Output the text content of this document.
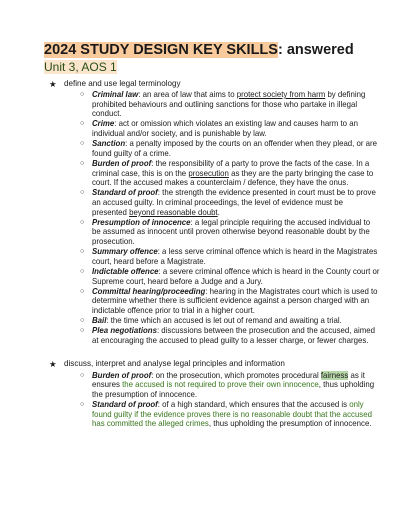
2024 STUDY DESIGN KEY SKILLS: answered
Unit 3, AOS 1
★ define and use legal terminology
○ Criminal law: an area of law that aims to protect society from harm by defining prohibited behaviours and outlining sanctions for those who partake in illegal conduct.
○ Crime: act or omission which violates an existing law and causes harm to an individual and/or society, and is punishable by law.
○ Sanction: a penalty imposed by the courts on an offender when they plead, or are found guilty of a crime.
○ Burden of proof: the responsibility of a party to prove the facts of the case. In a criminal case, this is on the prosecution as they are the party bringing the case to court. If the accused makes a counterclaim / defence, they have the onus.
○ Standard of proof: the strength the evidence presented in court must be to prove an accused guilty. In criminal proceedings, the level of evidence must be presented beyond reasonable doubt.
○ Presumption of innocence: a legal principle requiring the accused individual to be assumed as innocent until proven otherwise beyond reasonable doubt by the prosecution.
○ Summary offence: a less serve criminal offence which is heard in the Magistrates court, heard before a Magistrate.
○ Indictable offence: a severe criminal offence which is heard in the County court or Supreme court, heard before a Judge and a Jury.
○ Committal hearing/proceeding: hearing in the Magistrates court which is used to determine whether there is sufficient evidence against a person charged with an indictable offence prior to trial in a higher court.
○ Bail: the time which an accused is let out of remand and awaiting a trial.
○ Plea negotiations: discussions between the prosecution and the accused, aimed at encouraging the accused to plead guilty to a lesser charge, or fewer charges.
★ discuss, interpret and analyse legal principles and information
○ Burden of proof: on the prosecution, which promotes procedural fairness as it ensures the accused is not required to prove their own innocence, thus upholding the presumption of innocence.
○ Standard of proof: of a high standard, which ensures that the accused is only found guilty if the evidence proves there is no reasonable doubt that the accused has committed the alleged crimes, thus upholding the presumption of innocence.
